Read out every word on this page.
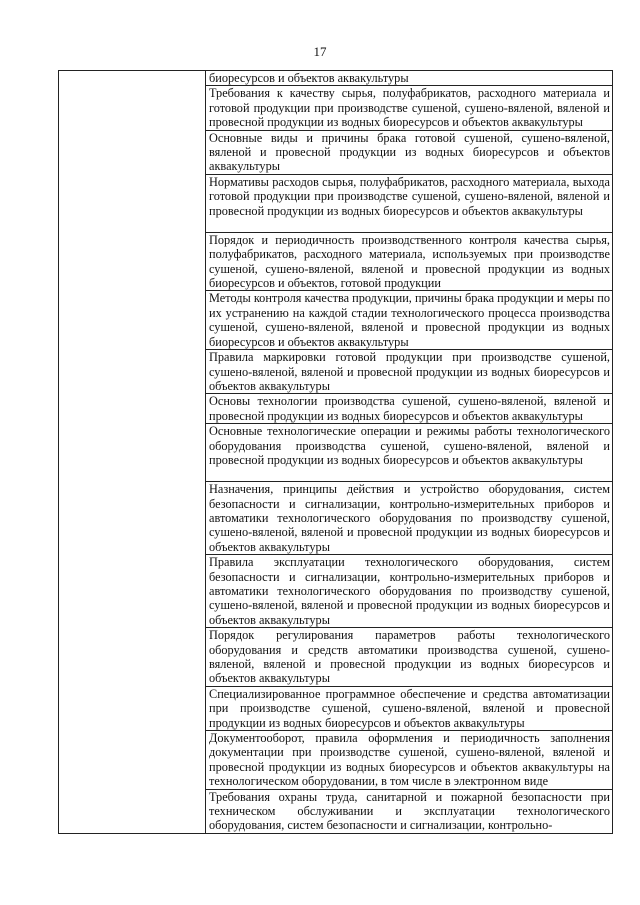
17

биоресурсов и объектов аквакультуры

Требования к качеству сырья, полуфабрикатов, расходного материала и готовой продукции при производстве сушеной, сушено-вяленой, вяленой и провесной продукции из водных биоресурсов и объектов аквакультуры

Основные виды и причины брака готовой сушеной, сушено-вяленой, вяленой и провесной продукции из водных биоресурсов и объектов аквакультуры

Нормативы расходов сырья, полуфабрикатов, расходного материала, выхода готовой продукции при производстве сушеной, сушено-вяленой, вяленой и провесной продукции из водных биоресурсов и объектов аквакультуры

Порядок и периодичность производственного контроля качества сырья, полуфабрикатов, расходного материала, используемых при производстве сушеной, сушено-вяленой, вяленой и провесной продукции из водных биоресурсов и объектов, готовой продукции

Методы контроля качества продукции, причины брака продукции и меры по их устранению на каждой стадии технологического процесса производства сушеной, сушено-вяленой, вяленой и провесной продукции из водных биоресурсов и объектов аквакультуры

Правила маркировки готовой продукции при производстве сушеной, сушено-вяленой, вяленой и провесной продукции из водных биоресурсов и объектов аквакультуры

Основы технологии производства сушеной, сушено-вяленой, вяленой и провесной продукции из водных биоресурсов и объектов аквакультуры

Основные технологические операции и режимы работы технологического оборудования производства сушеной, сушено-вяленой, вяленой и провесной продукции из водных биоресурсов и объектов аквакультуры

Назначения, принципы действия и устройство оборудования, систем безопасности и сигнализации, контрольно-измерительных приборов и автоматики технологического оборудования по производству сушеной, сушено-вяленой, вяленой и провесной продукции из водных биоресурсов и объектов аквакультуры

Правила эксплуатации технологического оборудования, систем безопасности и сигнализации, контрольно-измерительных приборов и автоматики технологического оборудования по производству сушеной, сушено-вяленой, вяленой и провесной продукции из водных биоресурсов и объектов аквакультуры

Порядок регулирования параметров работы технологического оборудования и средств автоматики производства сушеной, сушено-вяленой, вяленой и провесной продукции из водных биоресурсов и объектов аквакультуры

Специализированное программное обеспечение и средства автоматизации при производстве сушеной, сушено-вяленой, вяленой и провесной продукции из водных биоресурсов и объектов аквакультуры

Документооборот, правила оформления и периодичность заполнения документации при производстве сушеной, сушено-вяленой, вяленой и провесной продукции из водных биоресурсов и объектов аквакультуры на технологическом оборудовании, в том числе в электронном виде

Требования охраны труда, санитарной и пожарной безопасности при техническом обслуживании и эксплуатации технологического оборудования, систем безопасности и сигнализации, контрольно-
